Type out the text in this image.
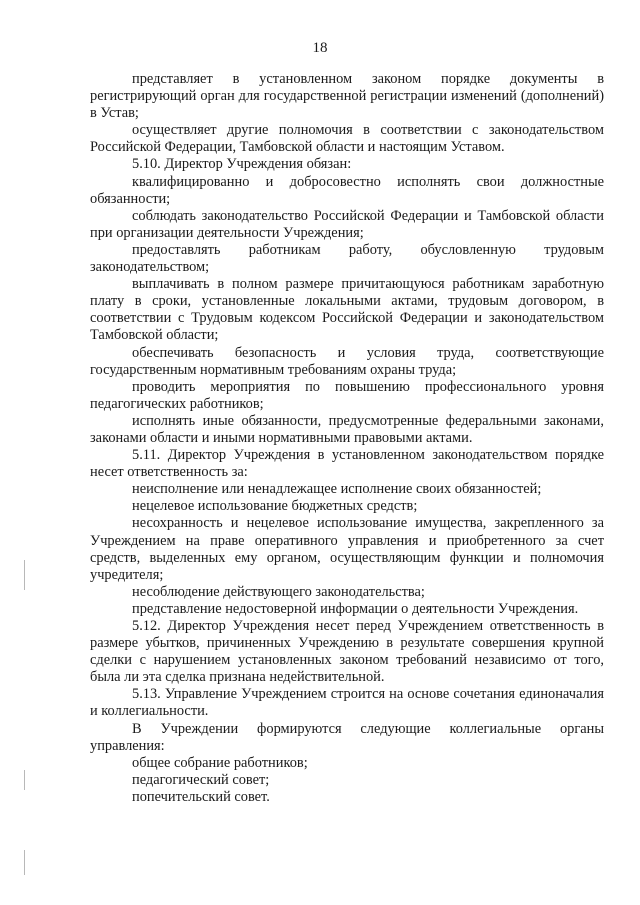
18

представляет в установленном законом порядке документы в регистрирующий орган для государственной регистрации изменений (дополнений) в Устав;

осуществляет другие полномочия в соответствии с законодательством Российской Федерации, Тамбовской области и настоящим Уставом.

5.10. Директор Учреждения обязан:

квалифицированно и добросовестно исполнять свои должностные обязанности;

соблюдать законодательство Российской Федерации и Тамбовской области при организации деятельности Учреждения;

предоставлять работникам работу, обусловленную трудовым законодательством;

выплачивать в полном размере причитающуюся работникам заработную плату в сроки, установленные локальными актами, трудовым договором, в соответствии с Трудовым кодексом Российской Федерации и законодательством Тамбовской области;

обеспечивать безопасность и условия труда, соответствующие государственным нормативным требованиям охраны труда;

проводить мероприятия по повышению профессионального уровня педагогических работников;

исполнять иные обязанности, предусмотренные федеральными законами, законами области и иными нормативными правовыми актами.

5.11. Директор Учреждения в установленном законодательством порядке несет ответственность за:

неисполнение или ненадлежащее исполнение своих обязанностей;

нецелевое использование бюджетных средств;

несохранность и нецелевое использование имущества, закрепленного за Учреждением на праве оперативного управления и приобретенного за счет средств, выделенных ему органом, осуществляющим функции и полномочия учредителя;

несоблюдение действующего законодательства;

представление недостоверной информации о деятельности Учреждения.

5.12. Директор Учреждения несет перед Учреждением ответственность в размере убытков, причиненных Учреждению в результате совершения крупной сделки с нарушением установленных законом требований независимо от того, была ли эта сделка признана недействительной.

5.13. Управление Учреждением строится на основе сочетания единоначалия и коллегиальности.

В Учреждении формируются следующие коллегиальные органы управления:

общее собрание работников;

педагогический совет;

попечительский совет.
